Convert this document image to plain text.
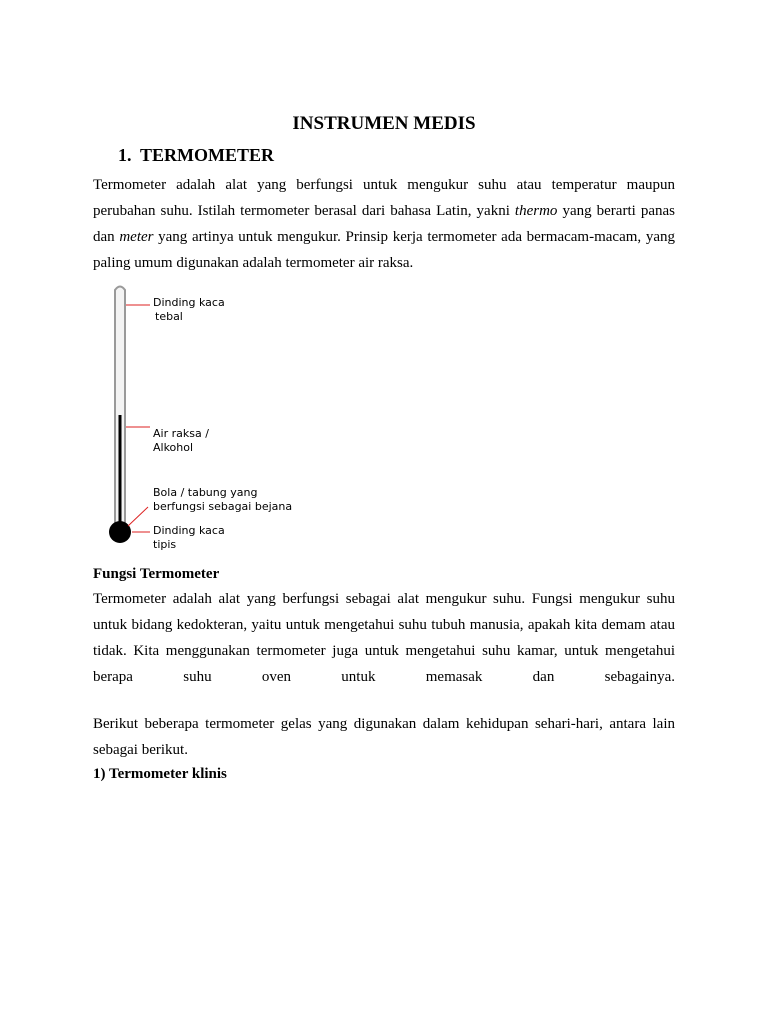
INSTRUMEN MEDIS
1. TERMOMETER

Termometer adalah alat yang berfungsi untuk mengukur suhu atau temperatur maupun perubahan suhu. Istilah termometer berasal dari bahasa Latin, yakni thermo yang berarti panas dan meter yang artinya untuk mengukur. Prinsip kerja termometer ada bermacam-macam, yang paling umum digunakan adalah termometer air raksa.

Dinding kaca
tebal
Air raksa /
Alkohol
Bola / tabung yang
berfungsi sebagai bejana
Dinding kaca
tipis

Fungsi Termometer

Termometer adalah alat yang berfungsi sebagai alat mengukur suhu. Fungsi mengukur suhu untuk bidang kedokteran, yaitu untuk mengetahui suhu tubuh manusia, apakah kita demam atau tidak. Kita menggunakan termometer juga untuk mengetahui suhu kamar, untuk mengetahui berapa suhu oven untuk memasak dan sebagainya.

Berikut beberapa termometer gelas yang digunakan dalam kehidupan sehari-hari, antara lain sebagai berikut.

1) Termometer klinis
